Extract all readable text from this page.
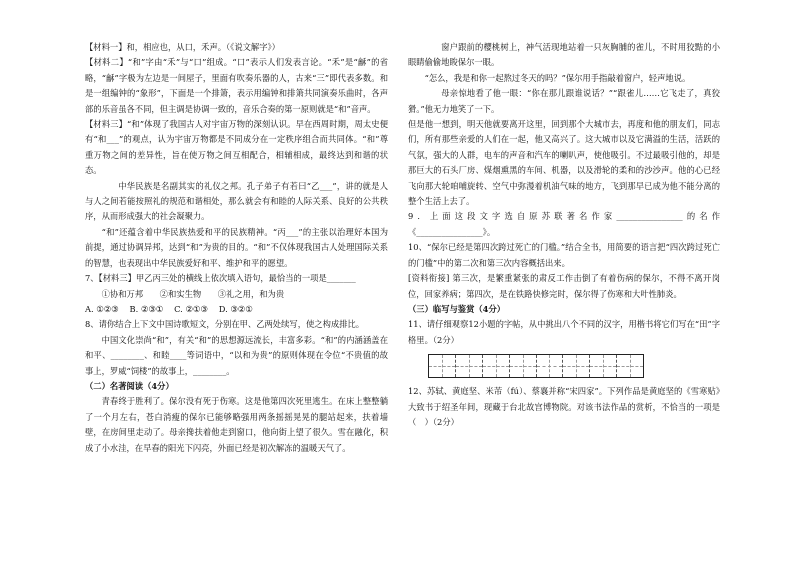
【材料一】和，相应也，从口，禾声。（《说文解字》）

【材料二】“和”字由“禾”与“口”组成。“口”表示人们发表言论。“禾”是“龢”的省略，“龢”字极为左边是一间屋子，里面有吹奏乐器的人，古来“三”即代表多数。和是一组编钟的“象形”，下面是一个排箫，表示用编钟和排箫共同演奏乐曲时，各声部的乐音虽各不同，但主调是协调一致的，音乐合奏的第一原则就是“和”音声。

【材料三】“和”体现了我国古人对宇宙万物的深刻认识。早在西周时期，周太史便有“和___”的观点，认为宇宙万物都是不同成分在一定秩序组合而共同体。“和”尊重万物之间的差异性，旨在使万物之间互相配合，相辅相成，最终达到和谐的状态。

中华民族是名副其实的礼仪之邦。孔子弟子有若曰“乙___”，讲的就是人与人之间若能按照礼的规范和谐相处，那么就会有和睦的人际关系、良好的公共秩序，从而形成强大的社会凝聚力。

“和”还蕴含着中华民族热爱和平的民族精神。“丙___”的主张以治理好本国为前提，通过协调异邦，达到“和”为贵的目的。“和”不仅体现我国古人处理国际关系的智慧，也表现出中华民族爱好和平、维护和平的愿望。

7、【材料三】甲乙丙三处的横线上依次填入语句，最恰当的一项是_______

①协和万邦　　②和实生物　　③礼之用，和为贵

A. ①②③　 B. ②③①　 C. ②①③　 D. ③②①

8、请你结合上下文中国诗歌短文，分别在甲、乙两处续写，使之构成排比。

中国文化崇尚“和”，有关“和”的思想源远流长，丰富多彩。“和”的内涵涵盖在和平、________、和睦____等词语中，“以和为贵”的原则体现在令位“不贵值的故事上，罗威“饲楼”的故事上，________。

（二）名著阅读（4分）

青春终于胜利了。保尔没有死于伤寒。这是他第四次死里逃生。在床上整整躺了一个月左右，苍白消瘦的保尔已能够略强用两条摇摇晃晃的腿站起来，扶着墙壁，在房间里走动了。母亲搀扶着他走到窗口，他向街上望了很久。雪在融化，积成了小水洼，在早春的阳光下闪亮，外面已经是初次解冻的温暖天气了。

窗户跟前的樱桃树上，神气活现地站着一只灰胸脯的雀儿，不时用狡黠的小眼睛偷偷地睃保尔一眼。

“怎么，我是和你一起熬过冬天的吗？”保尔用手指敲着窗户，轻声地说。

母亲惊地看了他一眼：“你在那儿跟谁说话？”“跟雀儿……它飞走了，真狡猾。”他无力地笑了一下。

但是他一想到，明天他就要离开这里，回到那个大城市去，再度和他的朋友们，同志们，所有那些亲爱的人们在一起，他又高兴了。这大城市以及它满溢的生活，活跃的气氛，强大的人群，电车的声音和汽车的喇叭声，使他吸引。不过最吸引他的，却是那巨大的石头厂房、煤烟熏黑的车间、机器，以及滑轮的柔和的沙沙声。他的心已经飞向那大轮咱哺旋转、空气中弥漫着机油气味的地方，飞到那早已成为他不能分离的整个生活上去了。

9．上面这段文字选自原苏联著名作家________________的名作《________________》。

10、“保尔已经是第四次跨过死亡的门槛。”结合全书，用简要的语言把“四次跨过死亡的门槛”中的第二次和第三次内容概括出来。

[资料衔接] 第三次，是繁重紧张的肃反工作击倒了有着伤病的保尔，不得不离开岗位，回家养病；第四次，是在铁路快修完时，保尔得了伤寒和大叶性肺炎。

（三）临写与鉴赏（4分）

11、请仔细观察12小题的字帖，从中挑出八个不同的汉字，用楷书将它们写在“田”字格里。（2分）

12、苏轼、黄庭坚、米芾（fú）、蔡襄并称“宋四家”。下列作品是黄庭坚的《雪寒贴》大致书于绍圣年间，现藏于台北故宫博物院。对该书法作品的赏析，不恰当的一项是（　）（2分）
